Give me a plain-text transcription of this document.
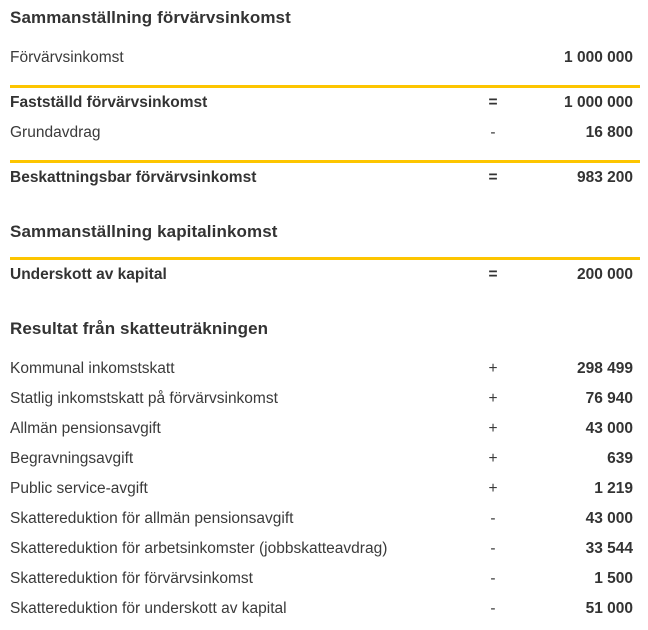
Sammanställning förvärvsinkomst
Förvärvsinkomst	1 000 000
Fastställd förvärvsinkomst	=	1 000 000
Grundavdrag	-	16 800
Beskattningsbar förvärvsinkomst	=	983 200
Sammanställning kapitalinkomst
Underskott av kapital	=	200 000
Resultat från skatteuträkningen
Kommunal inkomstskatt	+	298 499
Statlig inkomstskatt på förvärvsinkomst	+	76 940
Allmän pensionsavgift	+	43 000
Begravningsavgift	+	639
Public service-avgift	+	1 219
Skattereduktion för allmän pensionsavgift	-	43 000
Skattereduktion för arbetsinkomster (jobbskatteavdrag)	-	33 544
Skattereduktion för förvärvsinkomst	-	1 500
Skattereduktion för underskott av kapital	-	51 000
